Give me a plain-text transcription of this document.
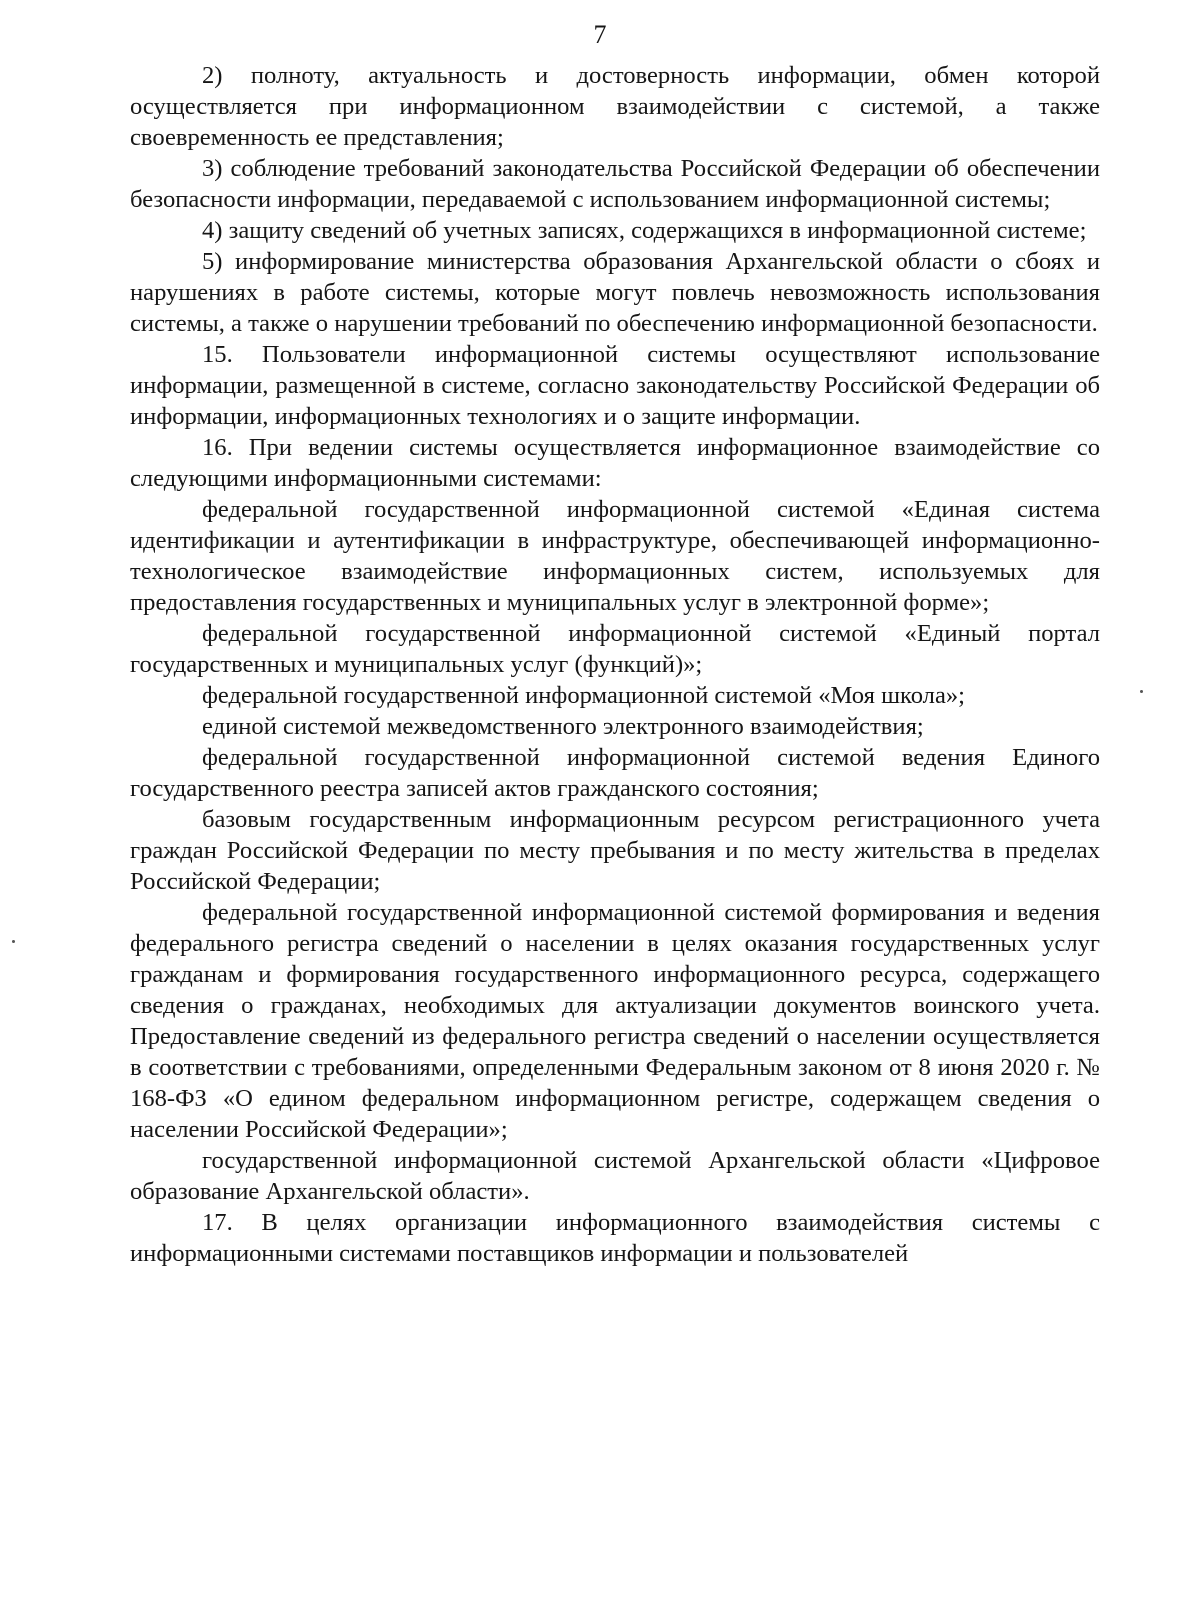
7

2) полноту, актуальность и достоверность информации, обмен которой осуществляется при информационном взаимодействии с системой, а также своевременность ее представления;

3) соблюдение требований законодательства Российской Федерации об обеспечении безопасности информации, передаваемой с использованием информационной системы;

4) защиту сведений об учетных записях, содержащихся в информационной системе;

5) информирование министерства образования Архангельской области о сбоях и нарушениях в работе системы, которые могут повлечь невозможность использования системы, а также о нарушении требований по обеспечению информационной безопасности.

15. Пользователи информационной системы осуществляют использование информации, размещенной в системе, согласно законодательству Российской Федерации об информации, информационных технологиях и о защите информации.

16. При ведении системы осуществляется информационное взаимодействие со следующими информационными системами:

федеральной государственной информационной системой «Единая система идентификации и аутентификации в инфраструктуре, обеспечивающей информационно-технологическое взаимодействие информационных систем, используемых для предоставления государственных и муниципальных услуг в электронной форме»;

федеральной государственной информационной системой «Единый портал государственных и муниципальных услуг (функций)»;

федеральной государственной информационной системой «Моя школа»;

единой системой межведомственного электронного взаимодействия;

федеральной государственной информационной системой ведения Единого государственного реестра записей актов гражданского состояния;

базовым государственным информационным ресурсом регистрационного учета граждан Российской Федерации по месту пребывания и по месту жительства в пределах Российской Федерации;

федеральной государственной информационной системой формирования и ведения федерального регистра сведений о населении в целях оказания государственных услуг гражданам и формирования государственного информационного ресурса, содержащего сведения о гражданах, необходимых для актуализации документов воинского учета. Предоставление сведений из федерального регистра сведений о населении осуществляется в соответствии с требованиями, определенными Федеральным законом от 8 июня 2020 г. № 168-ФЗ «О едином федеральном информационном регистре, содержащем сведения о населении Российской Федерации»;

государственной информационной системой Архангельской области «Цифровое образование Архангельской области».

17. В целях организации информационного взаимодействия системы с информационными системами поставщиков информации и пользователей
